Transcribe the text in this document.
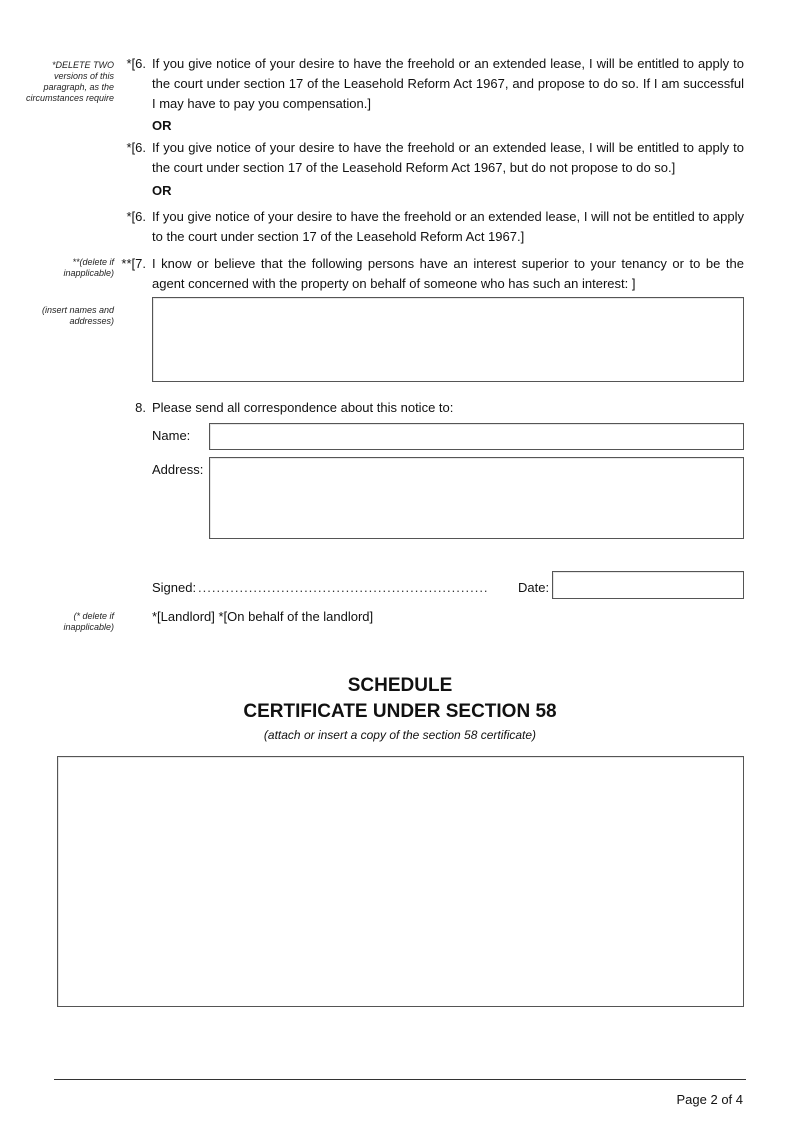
*DELETE TWO versions of this paragraph, as the circumstances require
*[6. If you give notice of your desire to have the freehold or an extended lease, I will be entitled to apply to the court under section 17 of the Leasehold Reform Act 1967, and propose to do so. If I am successful I may have to pay you compensation.]

OR
*[6. If you give notice of your desire to have the freehold or an extended lease, I will be entitled to apply to the court under section 17 of the Leasehold Reform Act 1967, but do not propose to do so.]

OR
*[6. If you give notice of your desire to have the freehold or an extended lease, I will not be entitled to apply to the court under section 17 of the Leasehold Reform Act 1967.]

**(delete if inapplicable)
**[7. I know or believe that the following persons have an interest superior to your tenancy or to be the agent concerned with the property on behalf of someone who has such an interest: ]

(insert names and addresses)
8. Please send all correspondence about this notice to:
Name:
Address:
Signed: ...............................................................	Date:
(* delete if inapplicable)
*[Landlord] *[On behalf of the landlord]
SCHEDULE
CERTIFICATE UNDER SECTION 58
(attach or insert a copy of the section 58 certificate)
Page 2 of 4
